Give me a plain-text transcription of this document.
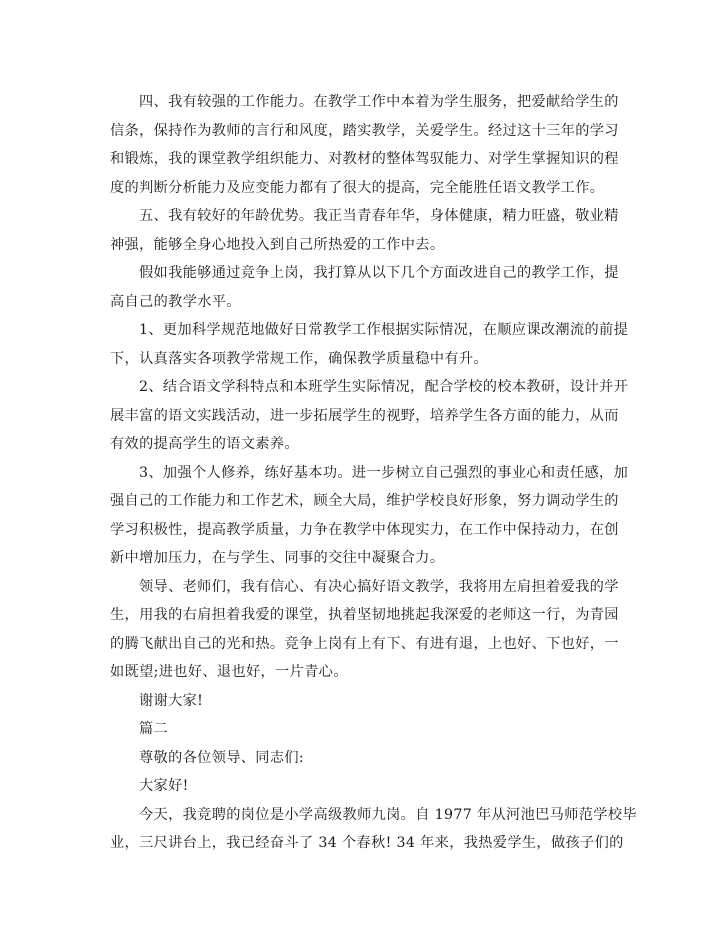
四、我有较强的工作能力。在教学工作中本着为学生服务，把爱献给学生的
信条，保持作为教师的言行和风度，踏实教学，关爱学生。经过这十三年的学习
和锻炼，我的课堂教学组织能力、对教材的整体驾驭能力、对学生掌握知识的程
度的判断分析能力及应变能力都有了很大的提高，完全能胜任语文教学工作。

五、我有较好的年龄优势。我正当青春年华，身体健康，精力旺盛，敬业精
神强，能够全身心地投入到自己所热爱的工作中去。

假如我能够通过竞争上岗，我打算从以下几个方面改进自己的教学工作，提
高自己的教学水平。

1、更加科学规范地做好日常教学工作根据实际情况，在顺应课改潮流的前提
下，认真落实各项教学常规工作，确保教学质量稳中有升。

2、结合语文学科特点和本班学生实际情况，配合学校的校本教研，设计并开
展丰富的语文实践活动，进一步拓展学生的视野，培养学生各方面的能力，从而
有效的提高学生的语文素养。

3、加强个人修养，练好基本功。进一步树立自己强烈的事业心和责任感，加
强自己的工作能力和工作艺术，顾全大局，维护学校良好形象，努力调动学生的
学习积极性，提高教学质量，力争在教学中体现实力，在工作中保持动力，在创
新中增加压力，在与学生、同事的交往中凝聚合力。

领导、老师们，我有信心、有决心搞好语文教学，我将用左肩担着爱我的学
生，用我的右肩担着我爱的课堂，执着坚韧地挑起我深爱的老师这一行，为青园
的腾飞献出自己的光和热。竞争上岗有上有下、有进有退，上也好、下也好，一
如既望;进也好、退也好，一片青心。

谢谢大家!

篇二

尊敬的各位领导、同志们:

大家好!

今天，我竞聘的岗位是小学高级教师九岗。自 1977 年从河池巴马师范学校毕
业，三尺讲台上，我已经奋斗了 34 个春秋! 34 年来，我热爱学生，做孩子们的
